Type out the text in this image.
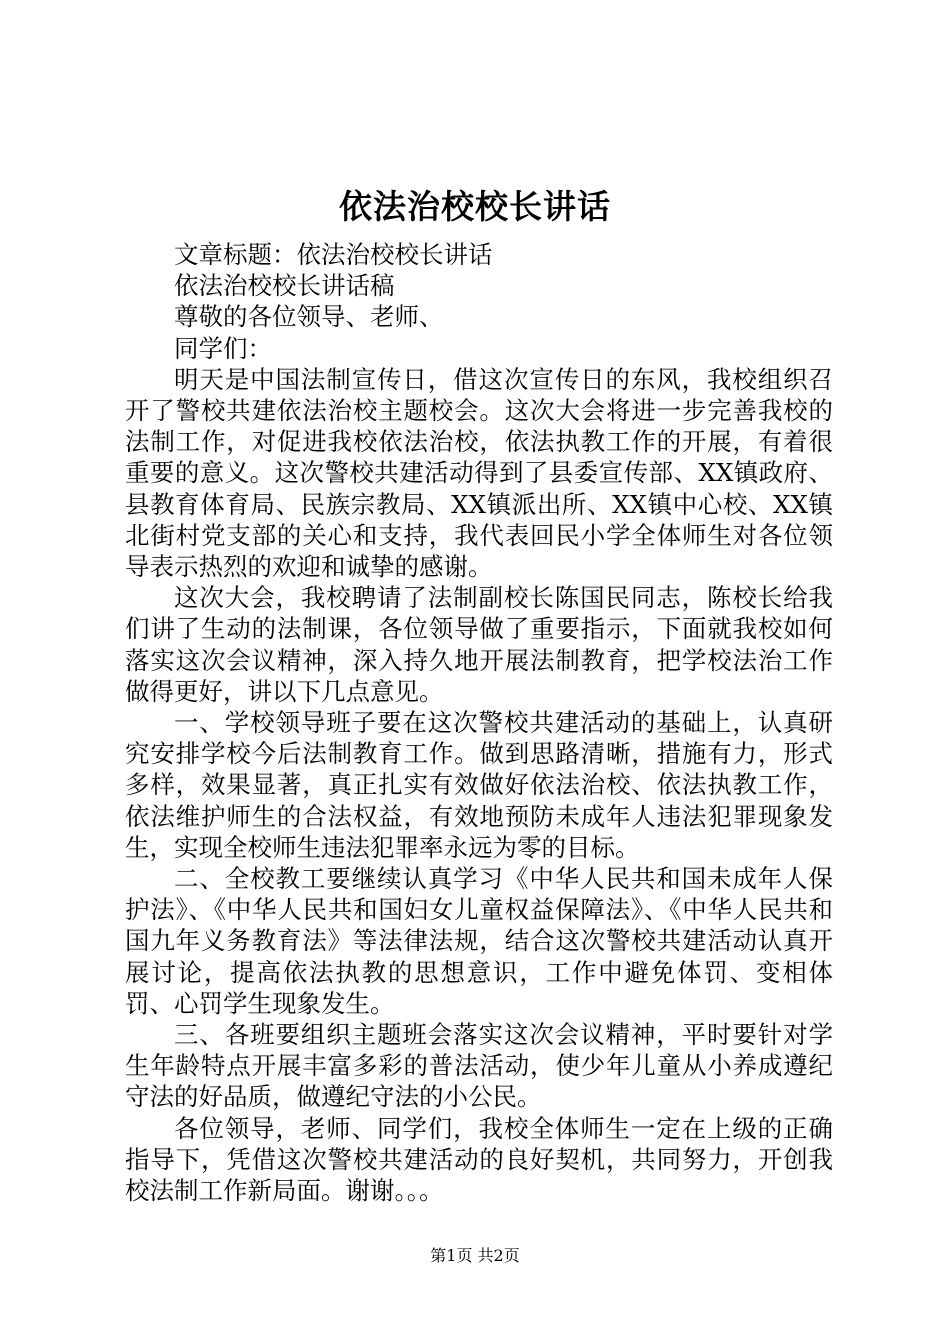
依法治校校长讲话

文章标题：依法治校校长讲话

依法治校校长讲话稿

尊敬的各位领导、老师、

同学们：

明天是中国法制宣传日，借这次宣传日的东风，我校组织召开了警校共建依法治校主题校会。这次大会将进一步完善我校的法制工作，对促进我校依法治校，依法执教工作的开展，有着很重要的意义。这次警校共建活动得到了县委宣传部、XX镇政府、县教育体育局、民族宗教局、XX镇派出所、XX镇中心校、XX镇北街村党支部的关心和支持，我代表回民小学全体师生对各位领导表示热烈的欢迎和诚挚的感谢。

这次大会，我校聘请了法制副校长陈国民同志，陈校长给我们讲了生动的法制课，各位领导做了重要指示，下面就我校如何落实这次会议精神，深入持久地开展法制教育，把学校法治工作做得更好，讲以下几点意见。

一、学校领导班子要在这次警校共建活动的基础上，认真研究安排学校今后法制教育工作。做到思路清晰，措施有力，形式多样，效果显著，真正扎实有效做好依法治校、依法执教工作，依法维护师生的合法权益，有效地预防未成年人违法犯罪现象发生，实现全校师生违法犯罪率永远为零的目标。

二、全校教工要继续认真学习《中华人民共和国未成年人保护法》、《中华人民共和国妇女儿童权益保障法》、《中华人民共和国九年义务教育法》等法律法规，结合这次警校共建活动认真开展讨论，提高依法执教的思想意识，工作中避免体罚、变相体罚、心罚学生现象发生。

三、各班要组织主题班会落实这次会议精神，平时要针对学生年龄特点开展丰富多彩的普法活动，使少年儿童从小养成遵纪守法的好品质，做遵纪守法的小公民。

各位领导，老师、同学们，我校全体师生一定在上级的正确指导下，凭借这次警校共建活动的良好契机，共同努力，开创我校法制工作新局面。谢谢。。。

第1页 共2页
